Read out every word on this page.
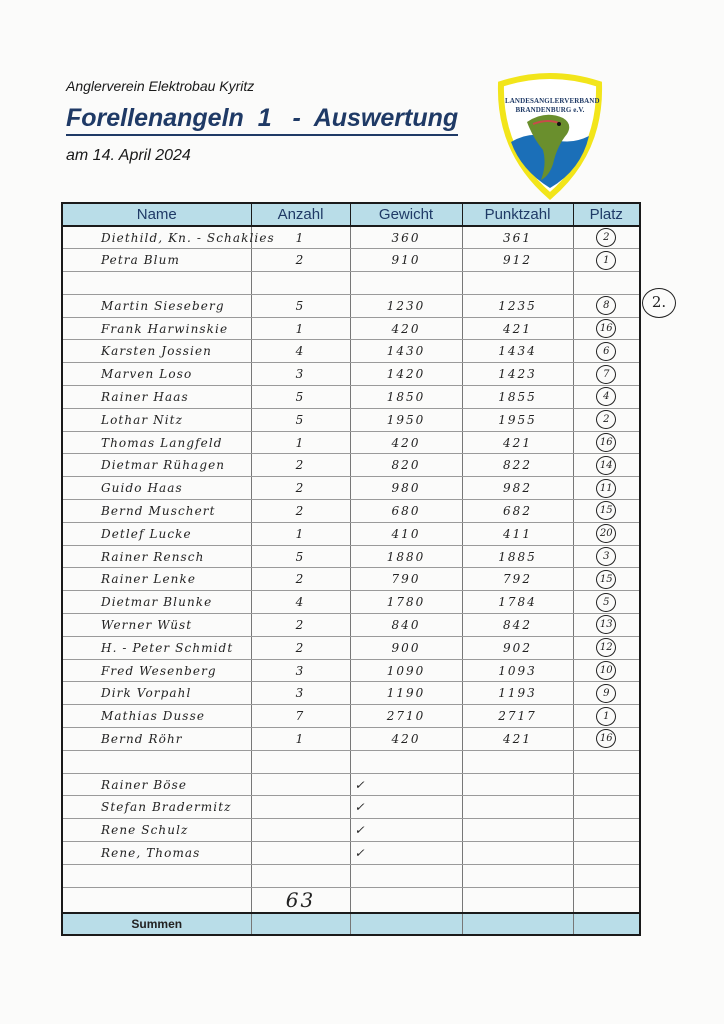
Anglerverein Elektrobau Kyritz
Forellenangeln  1   -  Auswertung
am 14. April 2024
LANDESANGLERVERBAND
BRANDENBURG e.V.
2.
Name	Anzahl	Gewicht	Punktzahl	Platz
Diethild, Kn. - Schaklies	1	360	361	2
Petra Blum	2	910	912	1

Martin Sieseberg	5	1230	1235	8
Frank Harwinskie	1	420	421	16
Karsten Jossien	4	1430	1434	6
Marven Loso	3	1420	1423	7
Rainer Haas	5	1850	1855	4
Lothar Nitz	5	1950	1955	2
Thomas Langfeld	1	420	421	16
Dietmar Rühagen	2	820	822	14
Guido Haas	2	980	982	11
Bernd Muschert	2	680	682	15
Detlef Lucke	1	410	411	20
Rainer Rensch	5	1880	1885	3
Rainer Lenke	2	790	792	15
Dietmar Blunke	4	1780	1784	5
Werner Wüst	2	840	842	13
H. - Peter Schmidt	2	900	902	12
Fred Wesenberg	3	1090	1093	10
Dirk Vorpahl	3	1190	1193	9
Mathias Dusse	7	2710	2717	1
Bernd Röhr	1	420	421	16

Rainer Böse		✓		
Stefan Bradermitz		✓		
Rene Schulz		✓		
Rene, Thomas		✓		

	63			
Summen				
